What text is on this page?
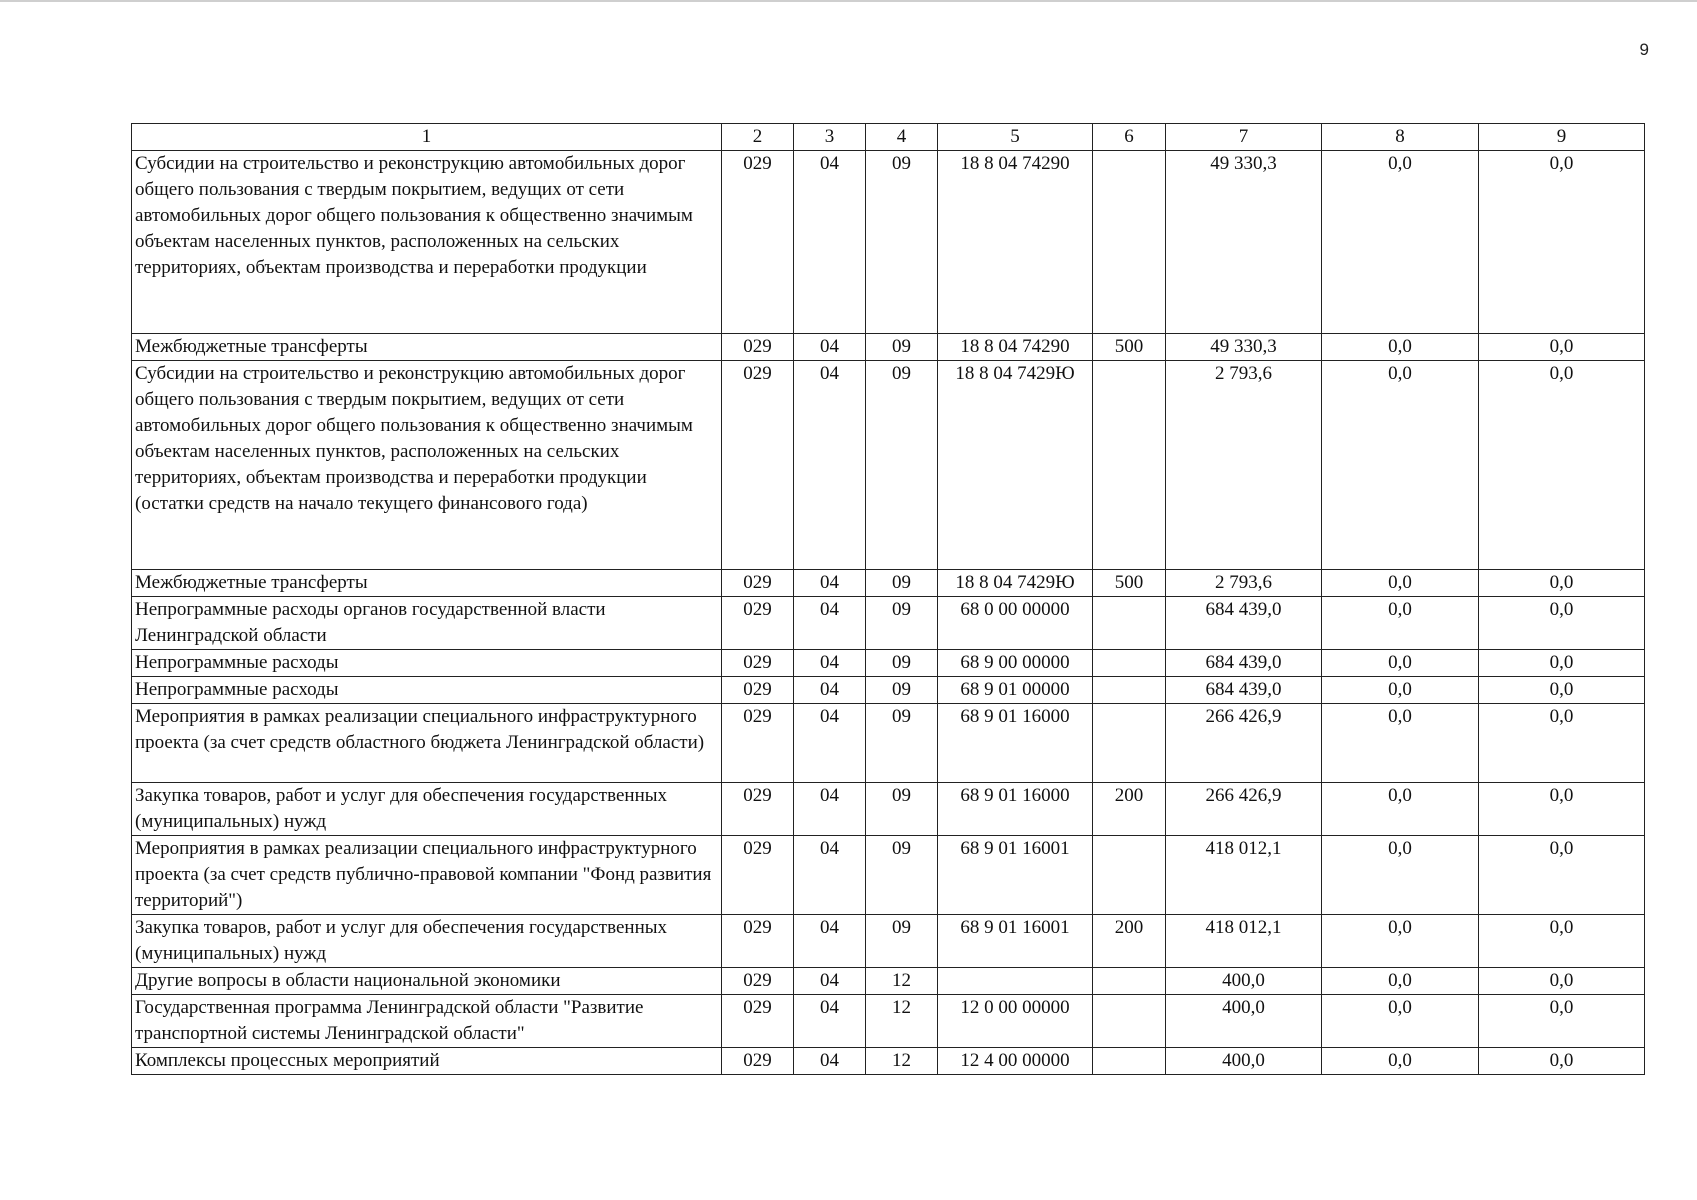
9
1	2	3	4	5	6	7	8	9
Субсидии на строительство и реконструкцию автомобильных дорог общего пользования с твердым покрытием, ведущих от сети автомобильных дорог общего пользования к общественно значимым объектам населенных пунктов, расположенных на сельских территориях, объектам производства и переработки продукции	029	04	09	18 8 04 74290		49 330,3	0,0	0,0
Межбюджетные трансферты	029	04	09	18 8 04 74290	500	49 330,3	0,0	0,0
Субсидии на строительство и реконструкцию автомобильных дорог общего пользования с твердым покрытием, ведущих от сети автомобильных дорог общего пользования к общественно значимым объектам населенных пунктов, расположенных на сельских территориях, объектам производства и переработки продукции (остатки средств на начало текущего финансового года)	029	04	09	18 8 04 7429Ю		2 793,6	0,0	0,0
Межбюджетные трансферты	029	04	09	18 8 04 7429Ю	500	2 793,6	0,0	0,0
Непрограммные расходы органов государственной власти Ленинградской области	029	04	09	68 0 00 00000		684 439,0	0,0	0,0
Непрограммные расходы	029	04	09	68 9 00 00000		684 439,0	0,0	0,0
Непрограммные расходы	029	04	09	68 9 01 00000		684 439,0	0,0	0,0
Мероприятия в рамках реализации специального инфраструктурного проекта (за счет средств областного бюджета Ленинградской области)	029	04	09	68 9 01 16000		266 426,9	0,0	0,0
Закупка товаров, работ и услуг для обеспечения государственных (муниципальных) нужд	029	04	09	68 9 01 16000	200	266 426,9	0,0	0,0
Мероприятия в рамках реализации специального инфраструктурного проекта (за счет средств публично-правовой компании "Фонд развития территорий")	029	04	09	68 9 01 16001		418 012,1	0,0	0,0
Закупка товаров, работ и услуг для обеспечения государственных (муниципальных) нужд	029	04	09	68 9 01 16001	200	418 012,1	0,0	0,0
Другие вопросы в области национальной экономики	029	04	12			400,0	0,0	0,0
Государственная программа Ленинградской области "Развитие транспортной системы Ленинградской области"	029	04	12	12 0 00 00000		400,0	0,0	0,0
Комплексы процессных мероприятий	029	04	12	12 4 00 00000		400,0	0,0	0,0
